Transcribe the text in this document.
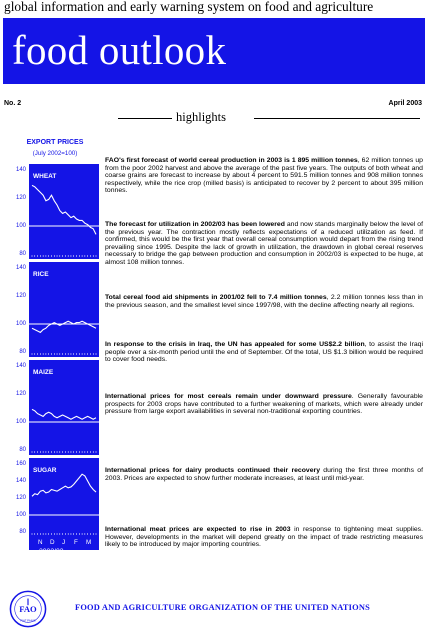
global information and early warning system on food and agriculture
food outlook
No. 2	April 2003
highlights
EXPORT PRICES
(July 2002=100)
80
100
120
140
80
100
120
140
80
100
120
140
80
100
120
140
160
WHEAT
RICE
MAIZE
SUGAR
N D J F M
2002/03
FAO's first forecast of world cereal production in 2003 is 1 895 million tonnes, 62 million tonnes up from the poor 2002 harvest and above the average of the past five years. The outputs of both wheat and coarse grains are forecast to increase by about 4 percent to 591.5 million tonnes and 908 million tonnes respectively, while the rice crop (milled basis) is anticipated to recover by 2 percent to about 395 million tonnes.
The forecast for utilization in 2002/03 has been lowered and now stands marginally below the level of the previous year. The contraction mostly reflects expectations of a reduced utilization as feed. If confirmed, this would be the first year that overall cereal consumption would depart from the rising trend prevailing since 1995. Despite the lack of growth in utilization, the drawdown in global cereal reserves necessary to bridge the gap between production and consumption in 2002/03 is expected to be huge, at almost 108 million tonnes.
Total cereal food aid shipments in 2001/02 fell to 7.4 million tonnes, 2.2 million tonnes less than in the previous season, and the smallest level since 1997/98, with the decline affecting nearly all regions.
In response to the crisis in Iraq, the UN has appealed for some US$2.2 billion, to assist the Iraqi people over a six-month period until the end of September. Of the total, US $1.3 billion would be required to cover food needs.
International prices for most cereals remain under downward pressure. Generally favourable prospects for 2003 crops have contributed to a further weakening of markets, which were already under pressure from large export availabilities in several non-traditional exporting countries.
International prices for dairy products continued their recovery during the first three months of 2003. Prices are expected to show further moderate increases, at least until mid-year.
International meat prices are expected to rise in 2003 in response to tightening meat supplies. However, developments in the market will depend greatly on the impact of trade restricting measures likely to be introduced by major importing countries.
FAO
FIAT PANIS
FOOD AND AGRICULTURE ORGANIZATION OF THE UNITED NATIONS
